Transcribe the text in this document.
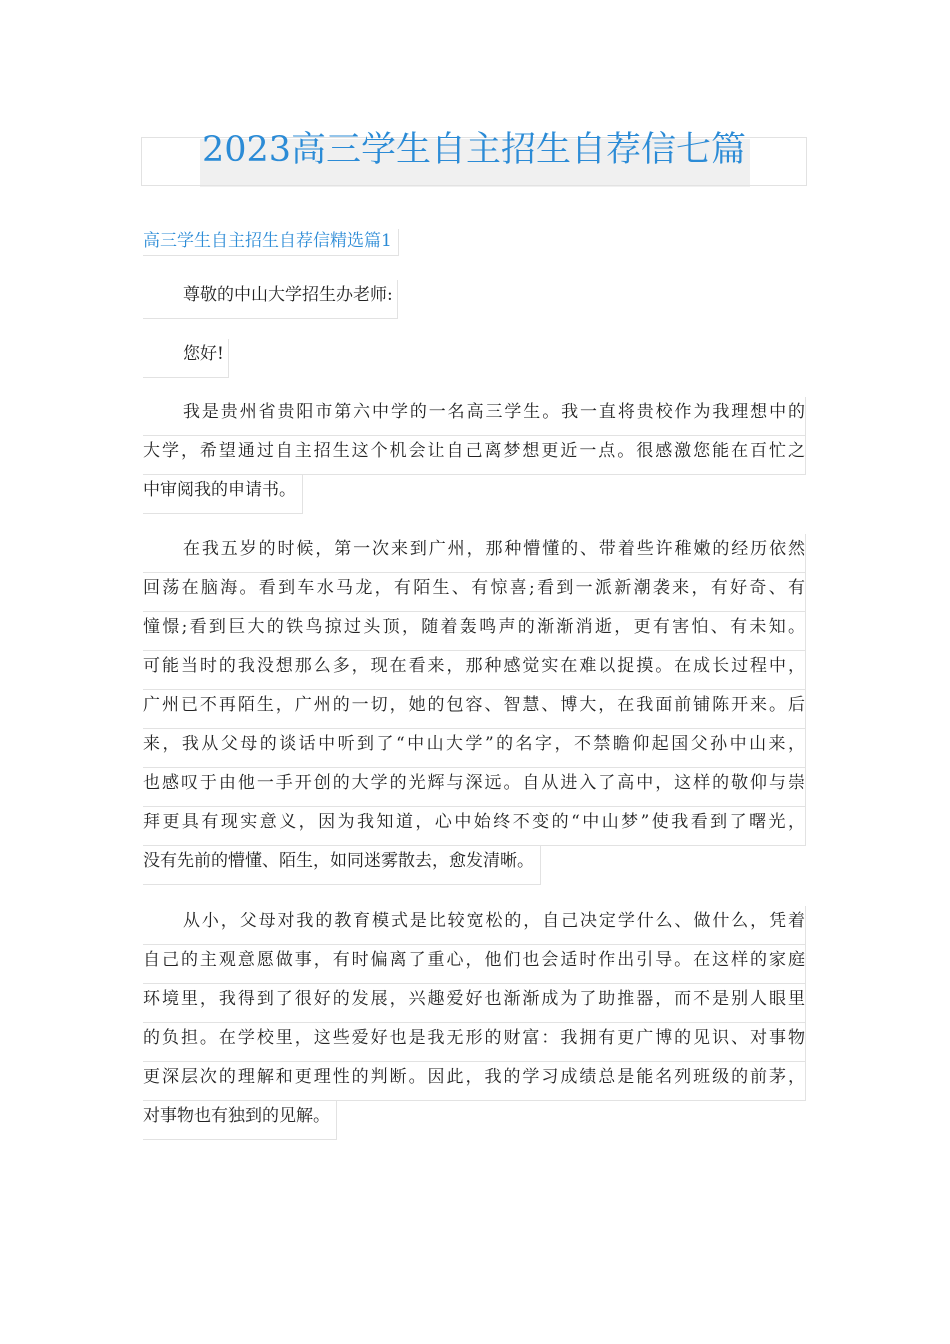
2023高三学生自主招生自荐信七篇
高三学生自主招生自荐信精选篇1
尊敬的中山大学招生办老师:
您好!
我是贵州省贵阳市第六中学的一名高三学生。我一直将贵校作为我理想中的
大学，希望通过自主招生这个机会让自己离梦想更近一点。很感激您能在百忙之
中审阅我的申请书。
在我五岁的时候，第一次来到广州，那种懵懂的、带着些许稚嫩的经历依然
回荡在脑海。看到车水马龙，有陌生、有惊喜;看到一派新潮袭来，有好奇、有
憧憬;看到巨大的铁鸟掠过头顶，随着轰鸣声的渐渐消逝，更有害怕、有未知。
可能当时的我没想那么多，现在看来，那种感觉实在难以捉摸。在成长过程中，
广州已不再陌生，广州的一切，她的包容、智慧、博大，在我面前铺陈开来。后
来，我从父母的谈话中听到了“中山大学”的名字，不禁瞻仰起国父孙中山来，
也感叹于由他一手开创的大学的光辉与深远。自从进入了高中，这样的敬仰与崇
拜更具有现实意义，因为我知道，心中始终不变的“中山梦”使我看到了曙光，
没有先前的懵懂、陌生，如同迷雾散去，愈发清晰。
从小，父母对我的教育模式是比较宽松的，自己决定学什么、做什么，凭着
自己的主观意愿做事，有时偏离了重心，他们也会适时作出引导。在这样的家庭
环境里，我得到了很好的发展，兴趣爱好也渐渐成为了助推器，而不是别人眼里
的负担。在学校里，这些爱好也是我无形的财富：我拥有更广博的见识、对事物
更深层次的理解和更理性的判断。因此，我的学习成绩总是能名列班级的前茅，
对事物也有独到的见解。
